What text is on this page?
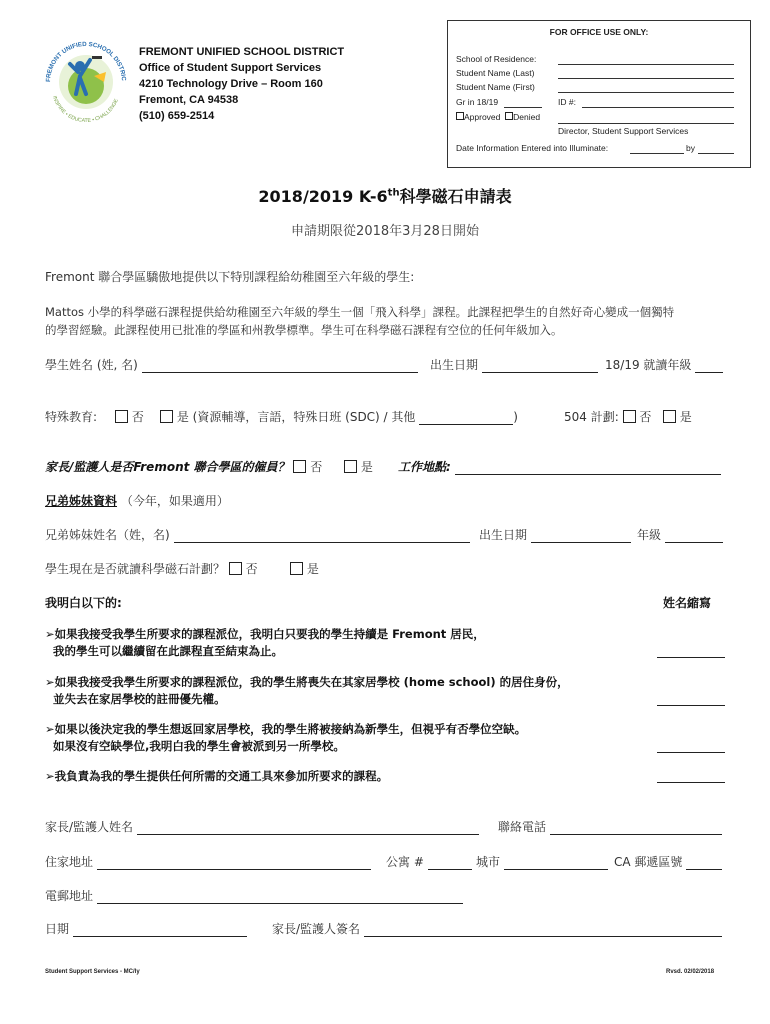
FREMONT UNIFIED SCHOOL DISTRIC
INSPIRE • EDUCATE • CHALLENGE
FREMONT UNIFIED SCHOOL DISTRICT
Office of Student Support Services
4210 Technology Drive – Room 160
Fremont, CA 94538
(510) 659-2514
FOR OFFICE USE ONLY:
School of Residence:
Student Name (Last)
Student Name (First)
Gr in 18/19	ID #:
Approved Denied
Director, Student Support Services
Date Information Entered into Illuminate:	by
2018/2019 K-6th科學磁石申請表
申請期限從2018年3月28日開始
Fremont 聯合學區驕傲地提供以下特別課程給幼稚園至六年級的學生:
Mattos 小學的科學磁石課程提供給幼稚園至六年級的學生一個「飛入科學」課程。此課程把學生的自然好奇心變成一個獨特
的學習經驗。此課程使用已批准的學區和州教學標準。學生可在科學磁石課程有空位的任何年級加入。
學生姓名 (姓, 名)	出生日期	18/19 就讀年級
特殊教育:	否	是 (資源輔導，言語，特殊日班 (SDC) / 其他	)	504 計劃: 否 是
家長/監護人是否Fremont 聯合學區的僱員？ 否	是 工作地點:
兄弟姊妹資料 （今年，如果適用）
兄弟姊妹姓名（姓，名)	出生日期	年級
學生現在是否就讀科學磁石計劃？ 否	是
我明白以下的:	姓名縮寫
➢如果我接受我學生所要求的課程派位，我明白只要我的學生持續是 Fremont 居民，
我的學生可以繼續留在此課程直至結束為止。
➢如果我接受我學生所要求的課程派位，我的學生將喪失在其家居學校 (home school) 的居住身份，
並失去在家居學校的註冊優先權。
➢如果以後決定我的學生想返回家居學校，我的學生將被接納為新學生，但視乎有否學位空缺。
如果沒有空缺學位,我明白我的學生會被派到另一所學校。
➢我負責為我的學生提供任何所需的交通工具來參加所要求的課程。
家長/監護人姓名	聯絡電話
住家地址	公寓 #	城市	CA 郵遞區號
電郵地址
日期	家長/監護人簽名
Student Support Services - MC/ly	Rvsd. 02/02/2018
